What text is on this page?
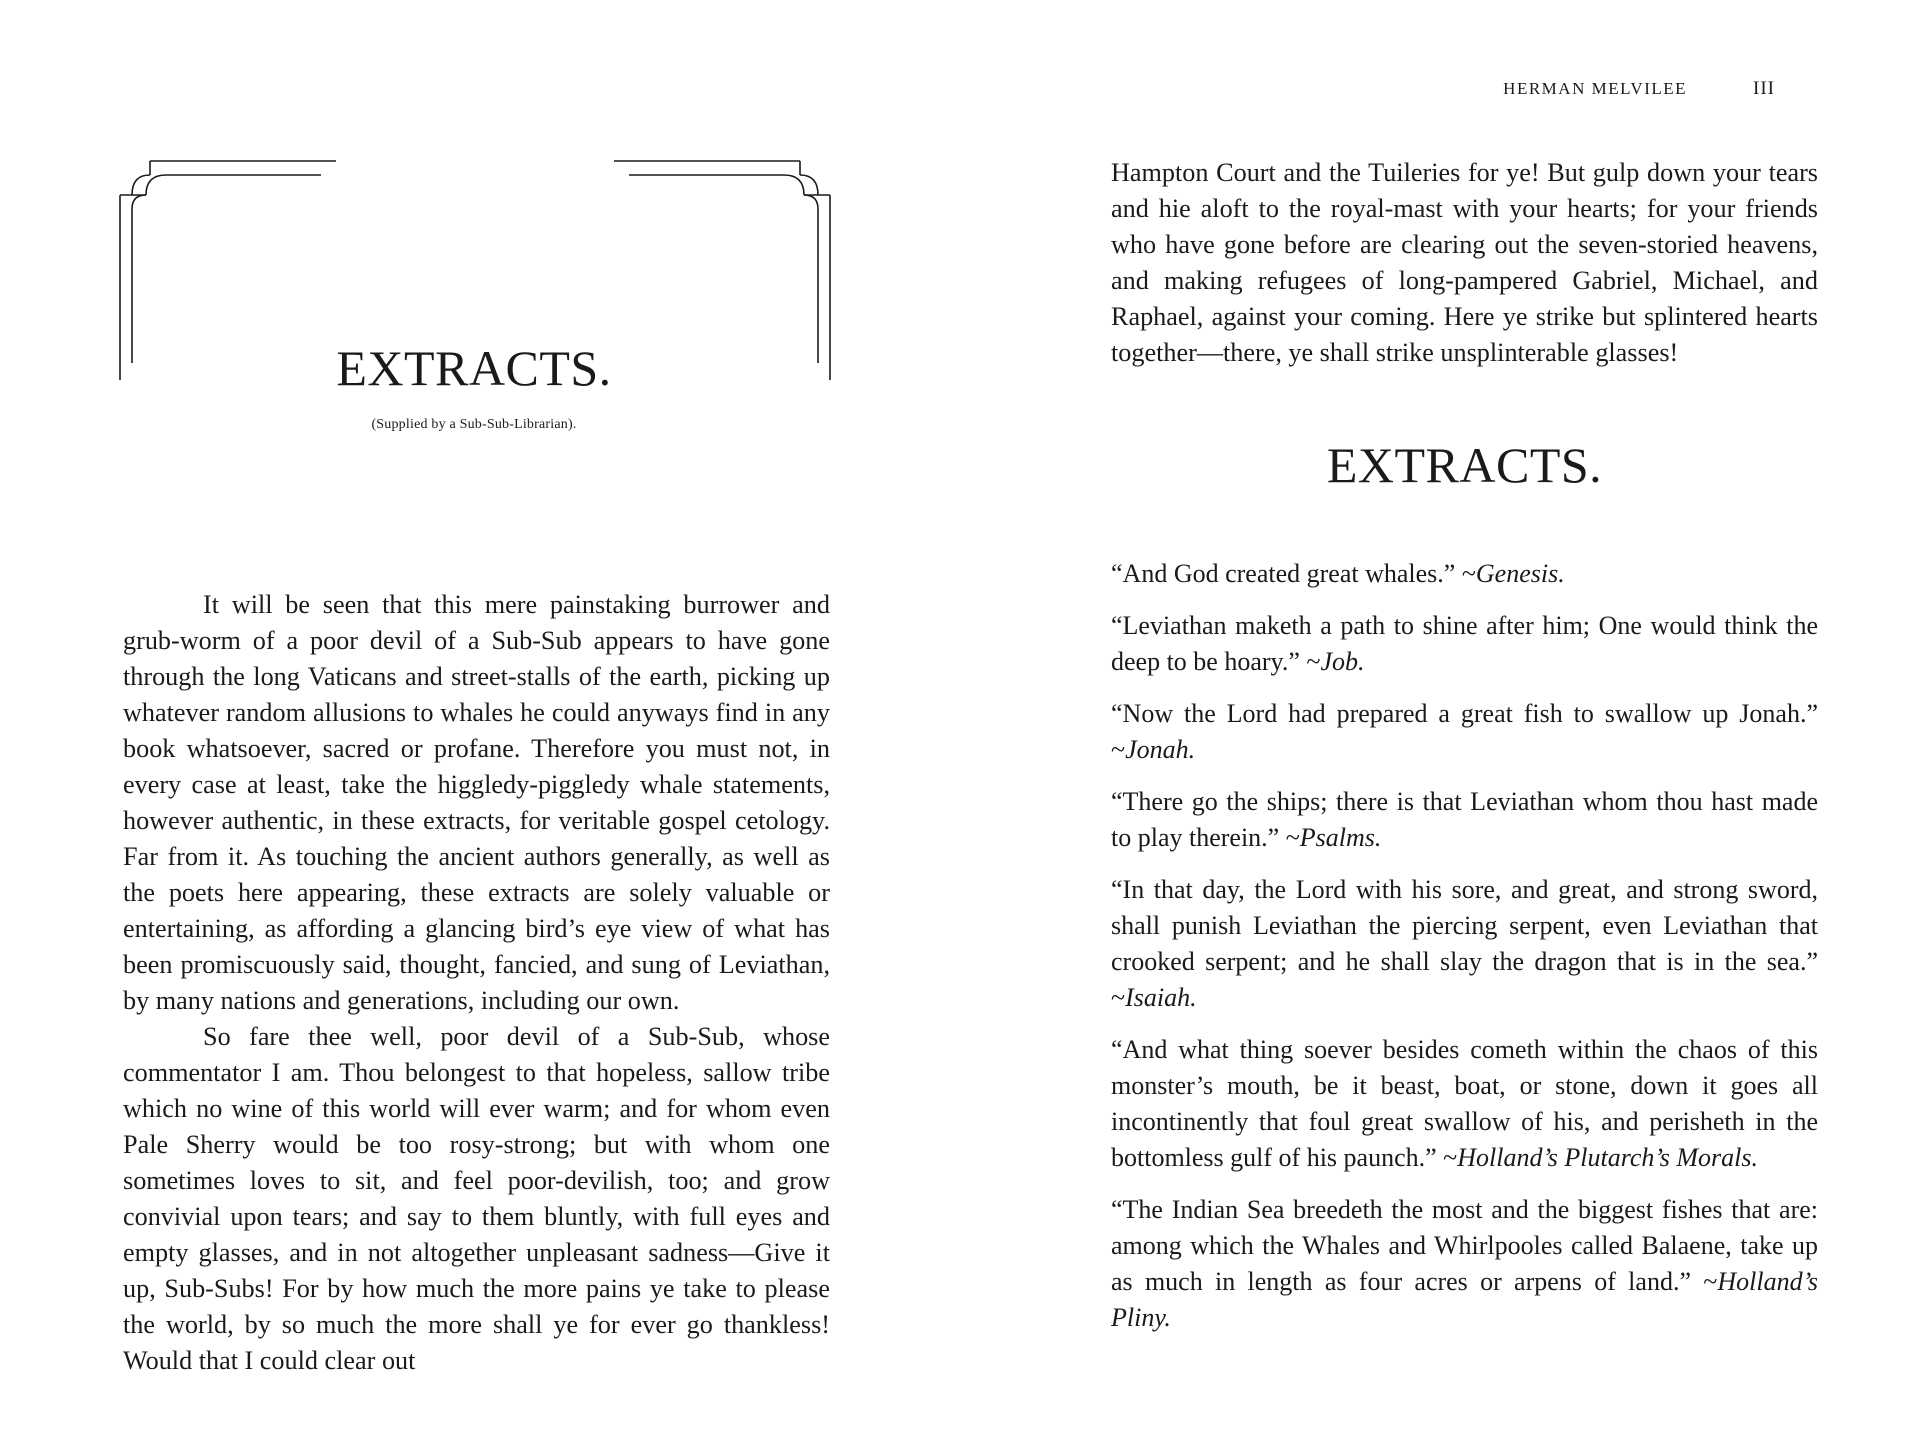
EXTRACTS.
(Supplied by a Sub-Sub-Librarian).

It will be seen that this mere painstaking burrower and grub-worm of a poor devil of a Sub-Sub appears to have gone through the long Vaticans and street-stalls of the earth, picking up whatever random allusions to whales he could anyways find in any book whatsoever, sacred or profane. Therefore you must not, in every case at least, take the higgledy-piggledy whale statements, however authentic, in these extracts, for veritable gospel cetology. Far from it. As touching the ancient authors generally, as well as the poets here appearing, these extracts are solely valuable or entertaining, as affording a glancing bird’s eye view of what has been promiscuously said, thought, fancied, and sung of Leviathan, by many nations and generations, including our own.

So fare thee well, poor devil of a Sub-Sub, whose commentator I am. Thou belongest to that hopeless, sallow tribe which no wine of this world will ever warm; and for whom even Pale Sherry would be too rosy-strong; but with whom one sometimes loves to sit, and feel poor-devilish, too; and grow convivial upon tears; and say to them bluntly, with full eyes and empty glasses, and in not altogether unpleasant sadness—Give it up, Sub-Subs! For by how much the more pains ye take to please the world, by so much the more shall ye for ever go thankless! Would that I could clear out

HERMAN MELVILEE	III

Hampton Court and the Tuileries for ye! But gulp down your tears and hie aloft to the royal-mast with your hearts; for your friends who have gone before are clearing out the seven-storied heavens, and making refugees of long-pampered Gabriel, Michael, and Raphael, against your coming. Here ye strike but splintered hearts together—there, ye shall strike unsplinterable glasses!

EXTRACTS.

“And God created great whales.” ~Genesis.

“Leviathan maketh a path to shine after him; One would think the deep to be hoary.” ~Job.

“Now the Lord had prepared a great fish to swallow up Jonah.” ~Jonah.

“There go the ships; there is that Leviathan whom thou hast made to play therein.” ~Psalms.

“In that day, the Lord with his sore, and great, and strong sword, shall punish Leviathan the piercing serpent, even Leviathan that crooked serpent; and he shall slay the dragon that is in the sea.” ~Isaiah.

“And what thing soever besides cometh within the chaos of this monster’s mouth, be it beast, boat, or stone, down it goes all incontinently that foul great swallow of his, and perisheth in the bottomless gulf of his paunch.” ~Holland’s Plutarch’s Morals.

“The Indian Sea breedeth the most and the biggest fishes that are: among which the Whales and Whirlpooles called Balaene, take up as much in length as four acres or arpens of land.” ~Holland’s Pliny.
